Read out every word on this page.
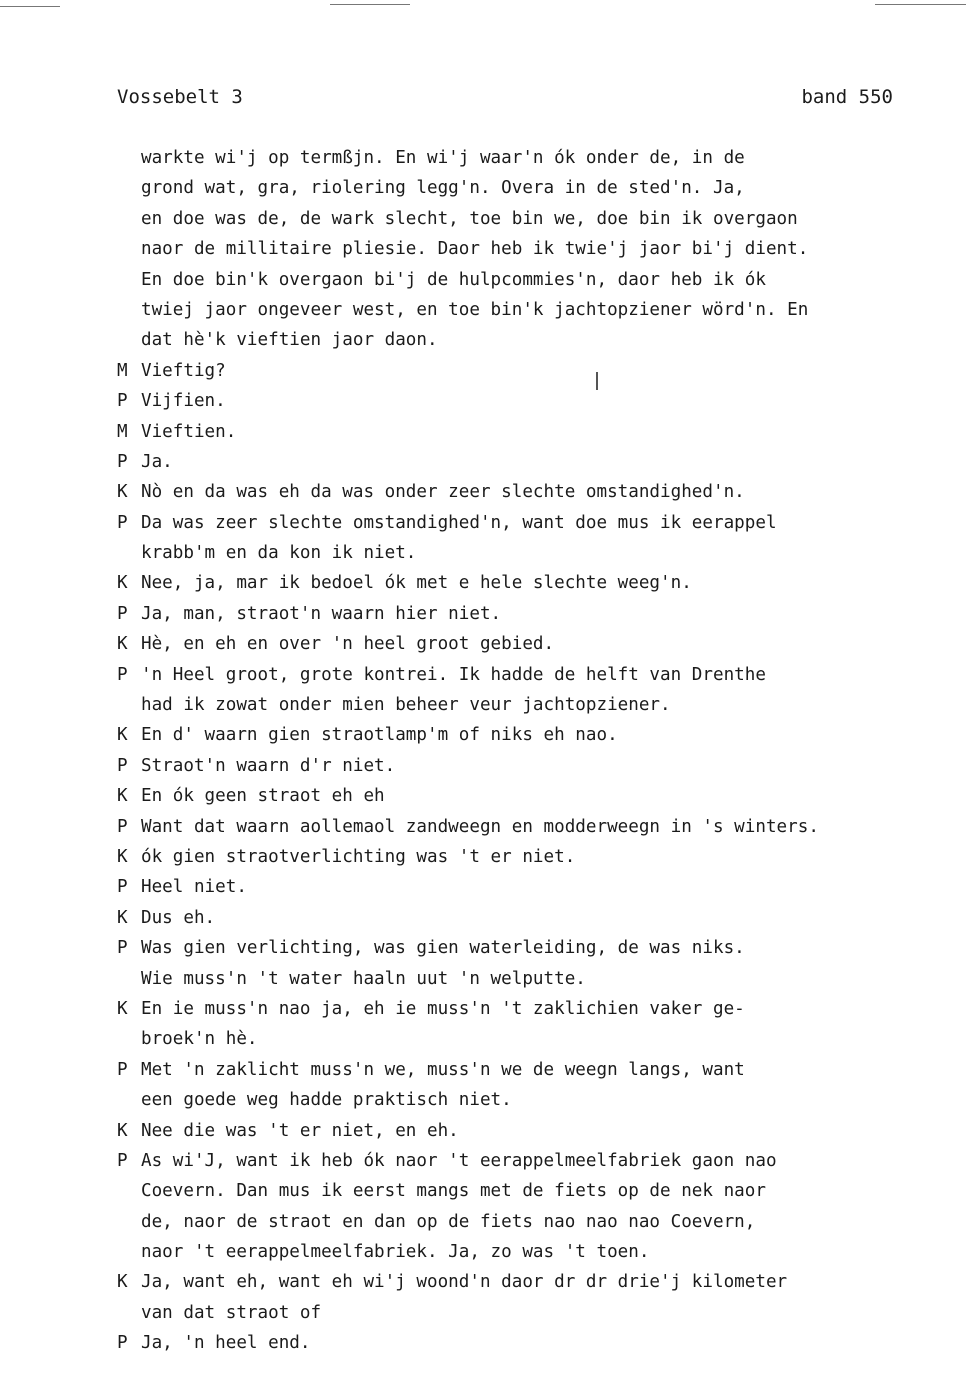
Vossebelt 3	band 550
warkte wi'j op termßjn. En wi'j waar'n ók onder de, in de
grond wat, gra, riolering legg'n. Overa in de sted'n. Ja,
en doe was de, de wark slecht, toe bin we, doe bin ik overgaon
naor de millitaire pliesie. Daor heb ik twie'j jaor bi'j dient.
En doe bin'k overgaon bi'j de hulpcommies'n, daor heb ik ók
twiej jaor ongeveer west, en toe bin'k jachtopziener wörd'n. En
dat hè'k vieftien jaor daon.
M Vieftig?
P Vijfien.
M Vieftien.
P Ja.
K Nò en da was eh da was onder zeer slechte omstandighed'n.
P Da was zeer slechte omstandighed'n, want doe mus ik eerappel
krabb'm en da kon ik niet.
K Nee, ja, mar ik bedoel ók met e hele slechte weeg'n.
P Ja, man, straot'n waarn hier niet.
K Hè, en eh en over 'n heel groot gebied.
P 'n Heel groot, grote kontrei. Ik hadde de helft van Drenthe
had ik zowat onder mien beheer veur jachtopziener.
K En d' waarn gien straotlamp'm of niks eh nao.
P Straot'n waarn d'r niet.
K En ók geen straot eh eh
P Want dat waarn aollemaol zandweegn en modderweegn in 's winters.
K ók gien straotverlichting was 't er niet.
P Heel niet.
K Dus eh.
P Was gien verlichting, was gien waterleiding, de was niks.
Wie muss'n 't water haaln uut 'n welputte.
K En ie muss'n nao ja, eh ie muss'n 't zaklichien vaker ge-
broek'n hè.
P Met 'n zaklicht muss'n we, muss'n we de weegn langs, want
een goede weg hadde praktisch niet.
K Nee die was 't er niet, en eh.
P As wi'J, want ik heb ók naor 't eerappelmeelfabriek gaon nao
Coevern. Dan mus ik eerst mangs met de fiets op de nek naor
de, naor de straot en dan op de fiets nao nao nao Coevern,
naor 't eerappelmeelfabriek. Ja, zo was 't toen.
K Ja, want eh, want eh wi'j woond'n daor dr dr drie'j kilometer
van dat straot of
P Ja, 'n heel end.
